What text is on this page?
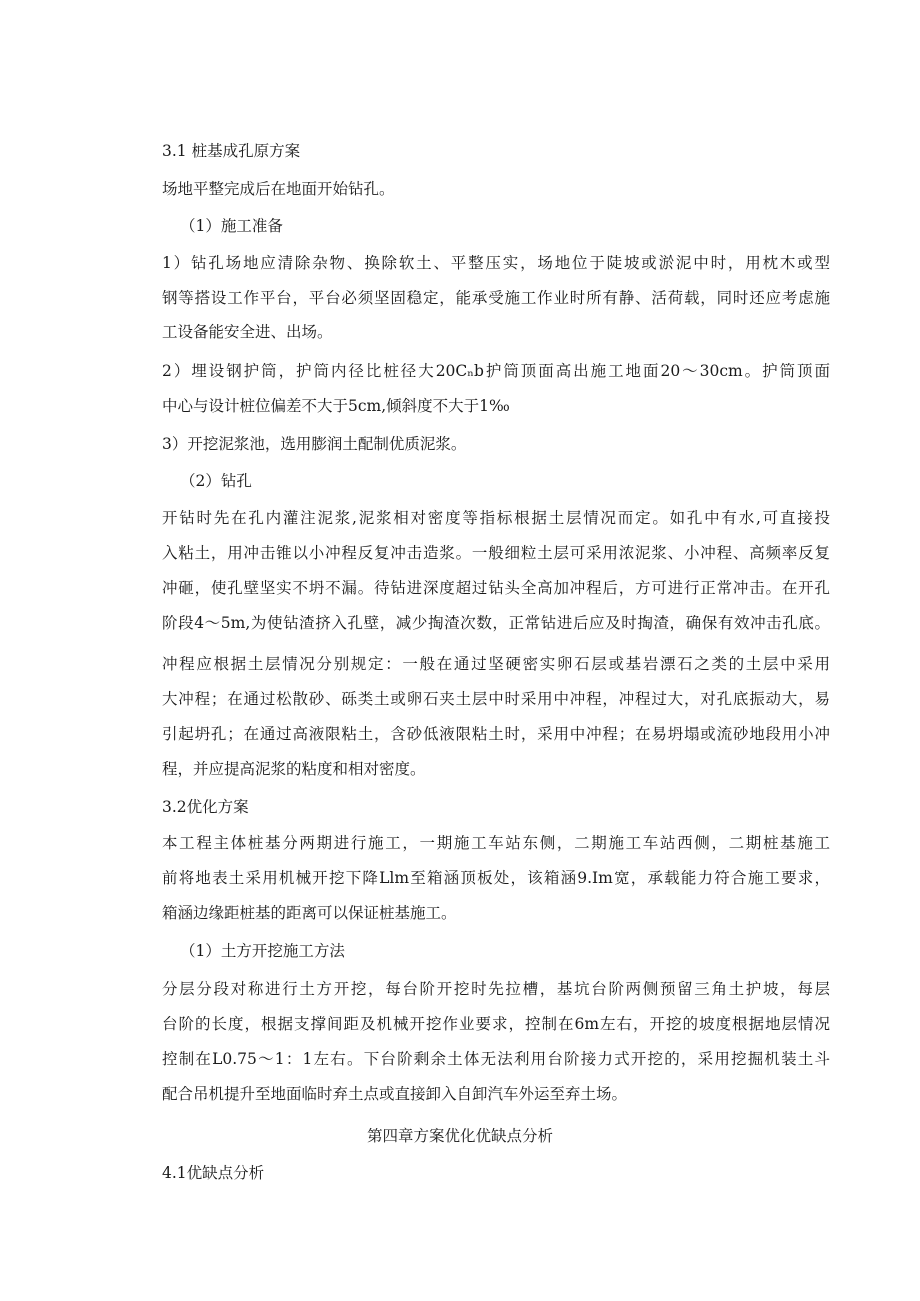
3.1 桩基成孔原方案

场地平整完成后在地面开始钻孔。

（1）施工准备

1）钻孔场地应清除杂物、换除软土、平整压实，场地位于陡坡或淤泥中时，用枕木或型

钢等搭设工作平台，平台必须坚固稳定，能承受施工作业时所有静、活荷载，同时还应考虑施

工设备能安全进、出场。

2）埋设钢护筒，护筒内径比桩径大20Cₙb护筒顶面高出施工地面20～30cm。护筒顶面

中心与设计桩位偏差不大于5cm,倾斜度不大于1‰

3）开挖泥浆池，选用膨润土配制优质泥浆。

（2）钻孔

开钻时先在孔内灌注泥浆,泥浆相对密度等指标根据土层情况而定。如孔中有水,可直接投

入粘土，用冲击锥以小冲程反复冲击造浆。一般细粒土层可采用浓泥浆、小冲程、高频率反复

冲砸，使孔壁坚实不坍不漏。待钻进深度超过钻头全高加冲程后，方可进行正常冲击。在开孔

阶段4～5m,为使钻渣挤入孔壁，减少掏渣次数，正常钻进后应及时掏渣，确保有效冲击孔底。

冲程应根据土层情况分别规定：一般在通过坚硬密实卵石层或基岩漂石之类的土层中采用

大冲程；在通过松散砂、砾类土或卵石夹土层中时采用中冲程，冲程过大，对孔底振动大，易

引起坍孔；在通过高液限粘土，含砂低液限粘土时，采用中冲程；在易坍塌或流砂地段用小冲

程，并应提高泥浆的粘度和相对密度。

3.2优化方案

本工程主体桩基分两期进行施工，一期施工车站东侧，二期施工车站西侧，二期桩基施工

前将地表土采用机械开挖下降Llm至箱涵顶板处，该箱涵9.Im宽，承载能力符合施工要求，

箱涵边缘距桩基的距离可以保证桩基施工。

（1）土方开挖施工方法

分层分段对称进行土方开挖，每台阶开挖时先拉槽，基坑台阶两侧预留三角土护坡，每层

台阶的长度，根据支撑间距及机械开挖作业要求，控制在6m左右，开挖的坡度根据地层情况

控制在L0.75～1：1左右。下台阶剩余土体无法利用台阶接力式开挖的，采用挖掘机装土斗

配合吊机提升至地面临时弃土点或直接卸入自卸汽车外运至弃土场。

第四章方案优化优缺点分析

4.1优缺点分析
